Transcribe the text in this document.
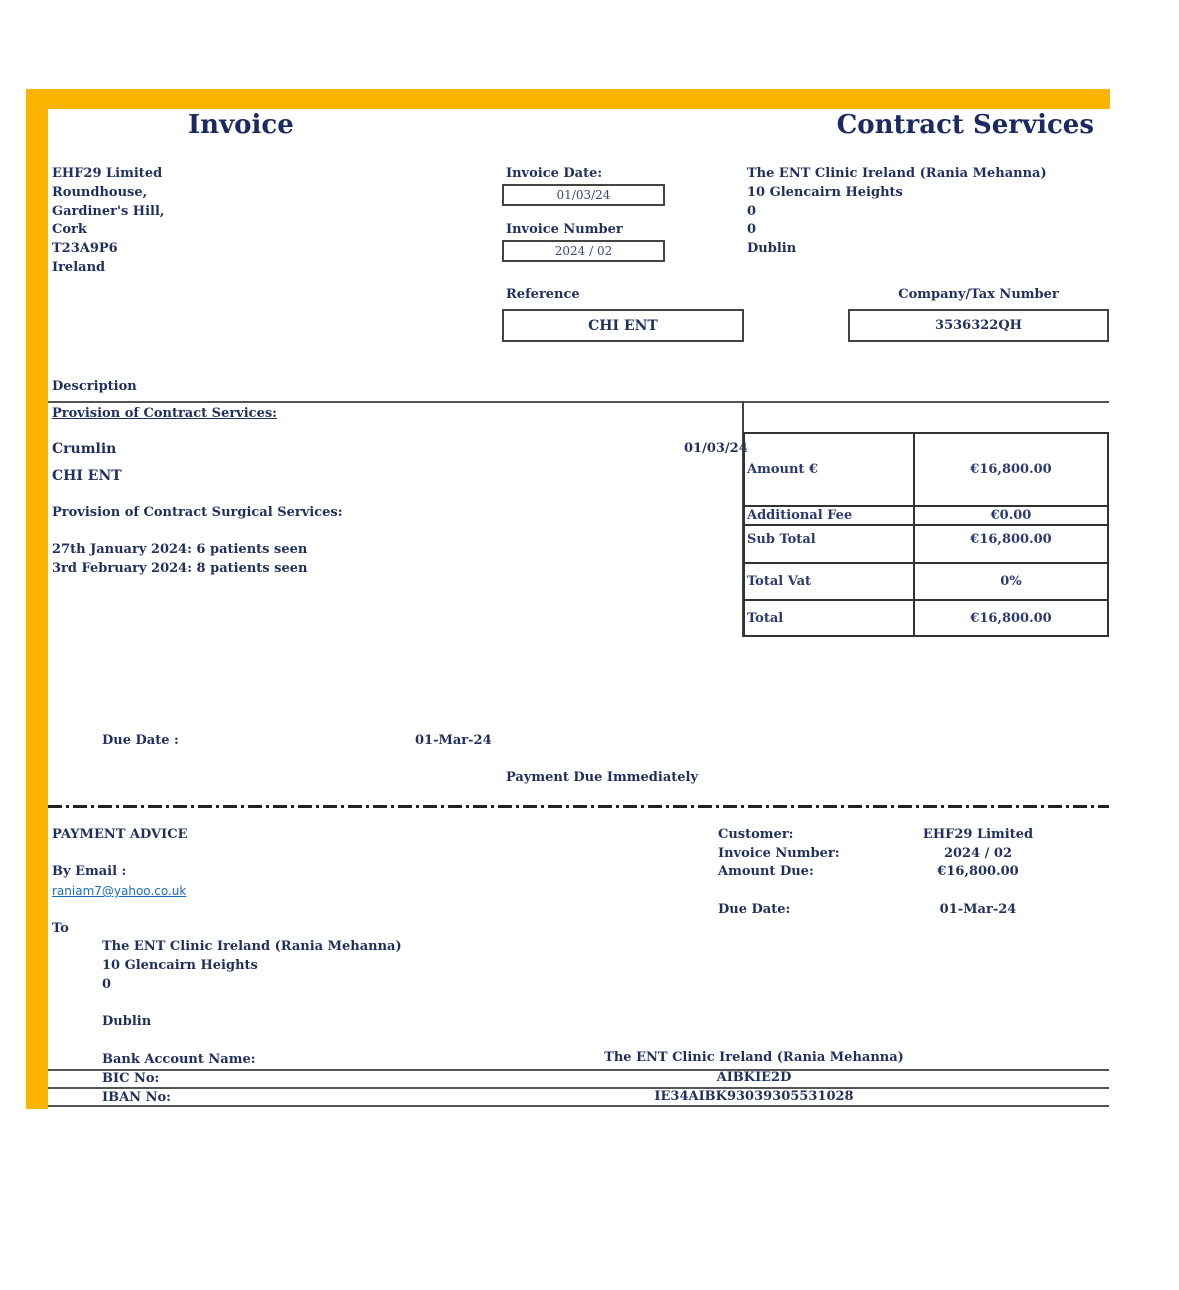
Invoice	Contract Services
EHF29 Limited
Roundhouse,
Gardiner's Hill,
Cork
T23A9P6
Ireland
Invoice Date:
01/03/24
Invoice Number
2024 / 02
The ENT Clinic Ireland (Rania Mehanna)
10 Glencairn Heights
0
0
Dublin
Reference
CHI ENT
Company/Tax Number
3536322QH
Description
Provision of Contract Services:
Crumlin	01/03/24
CHI ENT
Provision of Contract Surgical Services:
27th January 2024: 6 patients seen
3rd February 2024: 8 patients seen
Amount €	€16,800.00
Additional Fee	€0.00
Sub Total	€16,800.00
Total Vat	0%
Total	€16,800.00
Due Date :	01-Mar-24
Payment Due Immediately
PAYMENT ADVICE
By Email :
raniam7@yahoo.co.uk
To
The ENT Clinic Ireland (Rania Mehanna)
10 Glencairn Heights
0
Dublin
Customer:	EHF29 Limited
Invoice Number:	2024 / 02
Amount Due:	€16,800.00
Due Date:	01-Mar-24
Bank Account Name:	The ENT Clinic Ireland (Rania Mehanna)
BIC No:	AIBKIE2D
IBAN No:	IE34AIBK93039305531028
